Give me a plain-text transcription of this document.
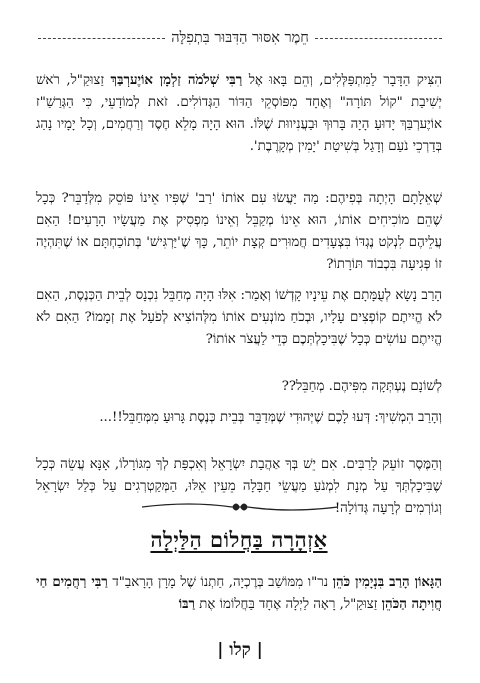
חֵמֶר אִסּוּר הַדִּבּוּר בִּתְפִלָּה

הִצִּיק הַדָּבָר לַמִּתְפַּלְּלִים, וְהֵם בָּאוּ אֶל רַבִּי שְׁלֹמֹה זַלְמָן אוֹיֶערְבַּךְ זַצוּקַ"ל, רֹאשׁ יְשִׁיבַת "קוֹל תּוֹרָה" וְאֶחָד מִפּוֹסְקֵי הַדּוֹר הַגְּדוֹלִים. זֹאת לְמוֹדָעֵי, כִּי הַגְּרַשַׁ"ז אוֹיֶערְבַּךְ יָדוּעַ הָיָה בָּרוּךְ וּבַעֲנִיווּת שֶׁלּוֹ. הוּא הָיָה מָלֵא חֶסֶד וְרַחֲמִים, וְכָל יָמָיו נָהַג בְּדַרְכֵי נֹעַם וְדָגַל בְּשִׁיטַת 'יָמִין מְקָרֶבֶת'.

שְׁאֵלָתָם הָיְתָה בְּפִיהֶם: מַה יַּעֲשׂוּ עִם אוֹתוֹ 'רַב' שֶׁפִּיו אֵינוֹ פּוֹסֵק מִלְּדַבֵּר? כְּכָל שֶׁהֵם מוֹכִיחִים אוֹתוֹ, הוּא אֵינוֹ מְקַבֵּל וְאֵינוֹ מַפְסִיק אֶת מַעֲשָׂיו הָרָעִים! הַאִם עֲלֵיהֶם לִנְקֹט נֶגְדּוֹ בִּצְעָדִים חֲמוּרִים קְצָת יוֹתֵר, כָּךְ שֶׁ'יַּרְגִּישׁ' בְּתוֹכַחְתָּם אוֹ שֶׁתִּהְיֶה זוֹ פְּגִיעָה בִּכְבוֹד תּוֹרָתוֹ?

הָרַב נָשָׂא לְעֻמָּתָם אֶת עֵינָיו קָדְשׁוֹ וְאָמַר: אִלּוּ הָיָה מְחַבֵּל נִכְנָס לְבֵית הַכְּנֶסֶת, הַאִם לֹא הֱיִיתֶם קוֹפְצִים עָלָיו, וּבְכֹחַ מוֹנְעִים אוֹתוֹ מִלְּהוֹצִיא לְפֹעַל אֶת זְמָמוֹ? הַאִם לֹא הֱיִיתֶם עוֹשִׂים כְּכָל שֶׁבִּיכָלְתְּכֶם כְּדֵי לַעֲצֹר אוֹתוֹ?

לְשׁוֹנָם נֶעְתְּקָה מִפִּיהֶם. מְחַבֵּל??

וְהָרַב הִמְשִׁיךְ: דְּעוּ לָכֶם שֶׁיְּהוּדִי שֶׁמְּדַבֵּר בְּבֵית כְּנֶסֶת גָּרוּעַ מִמְּחַבֵּל!!...

וְהַמֶּסֶר זוֹעֵק לָרַבִּים. אִם יֵשׁ בְּךָ אַהֲבַת יִשְׂרָאֵל וְאִכְפַּת לְךָ מִגּוֹרָלוֹ, אָנָּא עֲשֵׂה כְּכָל שֶׁבִּיכָלְתְּךָ עַל מְנָת לִמְנֹעַ מַעֲשֵׂי חַבָּלָה מֵעֵין אֵלּוּ, הַמְּקַטְרְגִים עַל כְּלַל יִשְׂרָאֵל וְגוֹרְמִים לְרָעָה גְּדוֹלָה!

אַזְהָרָה בַּחֲלוֹם הַלַּיְלָה

הַגָּאוֹן הָרַב בִּנְיָמִין כֹּהֵן נר"ו מִמּוֹשַׁב בְּרֶכְיָה, חַתְנוֹ שֶׁל מָרָן הָרָאבַ"ד רַבִּי רַחֲמִים חַי חֲוִיתָה הַכֹּהֵן זַצוּקַ"ל, רָאָה לַיְלָה אֶחָד בַּחֲלוֹמוֹ אֶת רַבּוֹ

| קלו |
